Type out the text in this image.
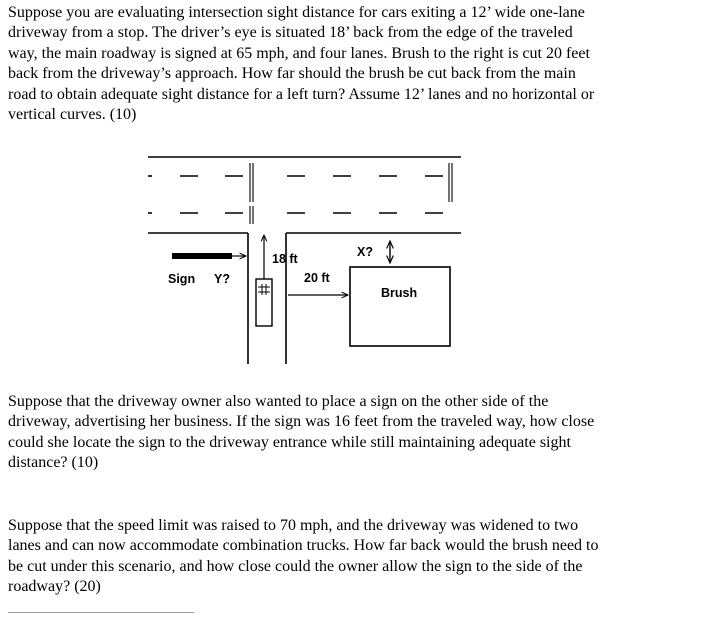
Suppose you are evaluating intersection sight distance for cars exiting a 12’ wide one-lane
driveway from a stop. The driver’s eye is situated 18’ back from the edge of the traveled
way, the main roadway is signed at 65 mph, and four lanes. Brush to the right is cut 20 feet
back from the driveway’s approach. How far should the brush be cut back from the main
road to obtain adequate sight distance for a left turn? Assume 12’ lanes and no horizontal or
vertical curves. (10)

X?
18 ft
Sign Y?	20 ft
Brush

Suppose that the driveway owner also wanted to place a sign on the other side of the
driveway, advertising her business. If the sign was 16 feet from the traveled way, how close
could she locate the sign to the driveway entrance while still maintaining adequate sight
distance? (10)

Suppose that the speed limit was raised to 70 mph, and the driveway was widened to two
lanes and can now accommodate combination trucks. How far back would the brush need to
be cut under this scenario, and how close could the owner allow the sign to the side of the
roadway? (20)
